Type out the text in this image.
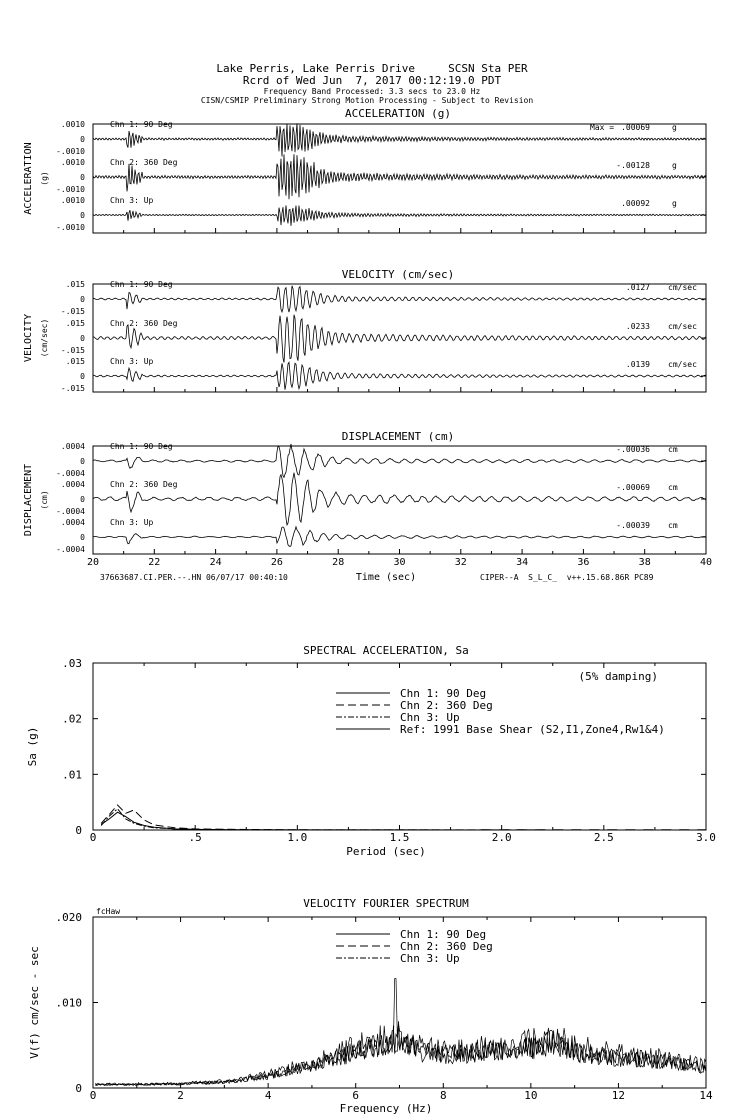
Lake Perris, Lake Perris Drive     SCSN Sta PER
Rcrd of Wed Jun  7, 2017 00:12:19.0 PDT
Frequency Band Processed: 3.3 secs to 23.0 Hz
CISN/CSMIP Preliminary Strong Motion Processing - Subject to Revision
37663687.CI.PER.--.HN 06/07/17 00:40:10	CIPER--A  S_L_C_  v++.15.68.86R PC89
ACCELERATION (g)
ACCELERATION (g)
.0010
0
-.0010
Chn 1: 90 Deg	Max = .00069	g
.0010
0
-.0010
Chn 2: 360 Deg	-.00128	g
.0010
0
-.0010
Chn 3: Up	.00092	g
VELOCITY (cm/sec)
VELOCITY (cm/sec)
.015
0
-.015
Chn 1: 90 Deg	.0127 cm/sec
.015
0
-.015
Chn 2: 360 Deg	.0233 cm/sec
.015
0
-.015
Chn 3: Up	.0139 cm/sec
DISPLACEMENT (cm)
DISPLACEMENT (cm)
.0004
0
-.0004
Chn 1: 90 Deg	-.00036 cm
.0004
0
-.0004
Chn 2: 360 Deg	-.00069 cm
.0004
0
-.0004
Chn 3: Up	-.00039 cm
20	22	24	26	28	30	32	34	36	38	40
Time (sec)
SPECTRAL ACCELERATION, Sa
0	.5	1.0	1.5	2.0	2.5	3.0
0
.01
.02
.03
Period (sec)
Sa (g)
(5% damping)
Chn 1: 90 Deg
Chn 2: 360 Deg
Chn 3: Up
Ref: 1991 Base Shear (S2,I1,Zone4,Rw1&4)
VELOCITY FOURIER SPECTRUM
0	2	4	6	8	10	12	14
0
.010
.020
Frequency (Hz)
V(f) cm/sec - sec
fcHaw
Chn 1: 90 Deg
Chn 2: 360 Deg
Chn 3: Up
